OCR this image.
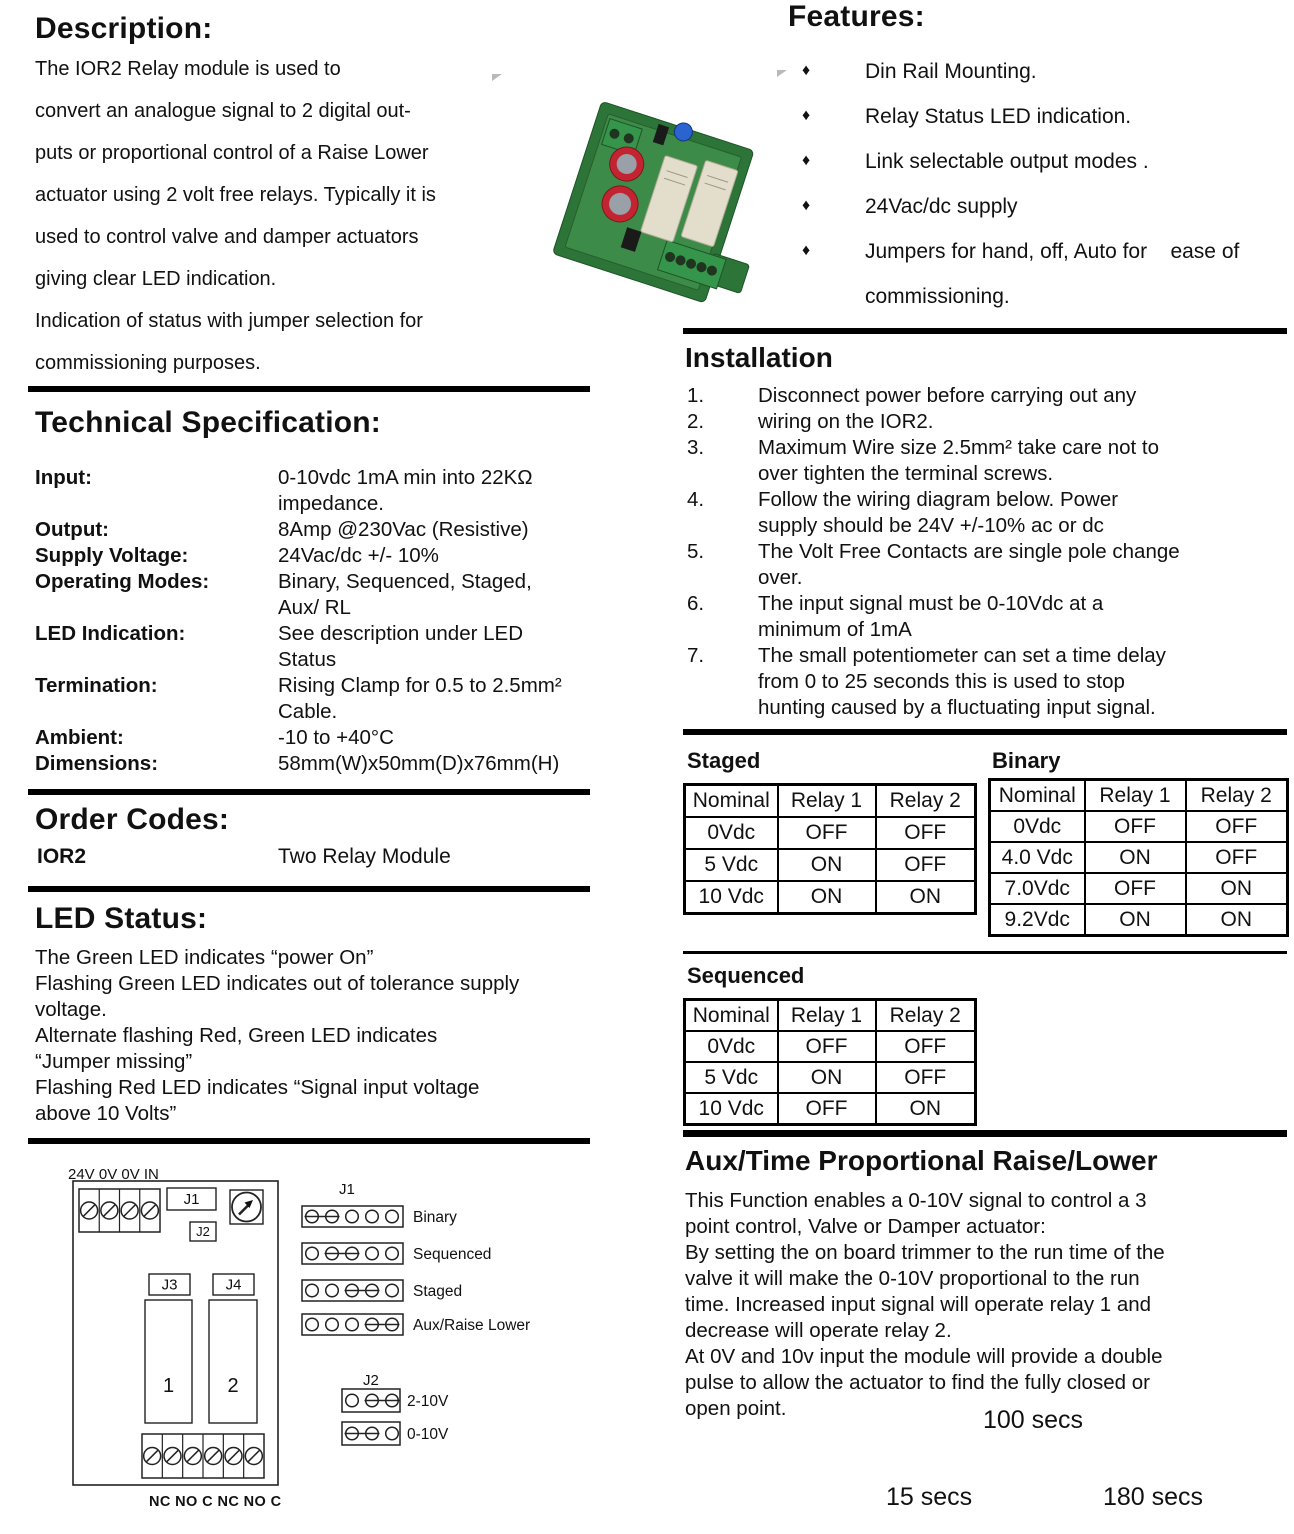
Description:
The IOR2 Relay module is used to
convert an analogue signal to 2 digital out-
puts or proportional control of a Raise Lower
actuator using 2 volt free relays. Typically it is
used to control valve and damper actuators
giving clear LED indication.
Indication of status with jumper selection for
commissioning purposes.
Technical Specification:
Input:	0-10vdc 1mA min into 22KΩ
impedance.
Output:	8Amp @230Vac (Resistive)
Supply Voltage:	24Vac/dc +/- 10%
Operating Modes:	Binary, Sequenced, Staged,
Aux/ RL
LED Indication:	See description under LED
Status
Termination:	Rising Clamp for 0.5 to 2.5mm²
Cable.
Ambient:	-10 to +40°C
Dimensions:	58mm(W)x50mm(D)x76mm(H)
Order Codes:
IOR2	Two Relay Module
LED Status:
The Green LED indicates “power On”
Flashing Green LED indicates out of tolerance supply
voltage.
Alternate flashing Red, Green LED indicates
“Jumper missing”
Flashing Red LED indicates “Signal input voltage
above 10 Volts”
24V 0V 0V IN
J1
J2
J3	J4
1	2
NC NO C NC NO C
J1
Binary
Sequenced
Staged
Aux/Raise Lower
J2
2-10V
0-10V
Features:
♦	Din Rail Mounting.
♦	Relay Status LED indication.
♦	Link selectable output modes .
♦	24Vac/dc supply
♦	Jumpers for hand, off, Auto for    ease of
commissioning.
Installation
1.	Disconnect power before carrying out any
2.	wiring on the IOR2.
3.	Maximum Wire size 2.5mm² take care not to
over tighten the terminal screws.
4.	Follow the wiring diagram below. Power
supply should be 24V +/-10% ac or dc
5.	The Volt Free Contacts are single pole change
over.
6.	The input signal must be 0-10Vdc at a
minimum of 1mA
7.	The small potentiometer can set a time delay
from 0 to 25 seconds this is used to stop
hunting caused by a fluctuating input signal.
Staged	Binary
Nominal	Relay 1	Relay 2
0Vdc	OFF	OFF
5 Vdc	ON	OFF
10 Vdc	ON	ON
Nominal	Relay 1	Relay 2
0Vdc	OFF	OFF
4.0 Vdc	ON	OFF
7.0Vdc	OFF	ON
9.2Vdc	ON	ON
Sequenced
Nominal	Relay 1	Relay 2
0Vdc	OFF	OFF
5 Vdc	ON	OFF
10 Vdc	OFF	ON
Aux/Time Proportional Raise/Lower
This Function enables a 0-10V signal to control a 3
point control, Valve or Damper actuator:
By setting the on board trimmer to the run time of the
valve it will make the 0-10V proportional to the run
time. Increased input signal will operate relay 1 and
decrease will operate relay 2.
At 0V and 10v input the module will provide a double
pulse to allow the actuator to find the fully closed or
open point.	100 secs
15 secs	180 secs
